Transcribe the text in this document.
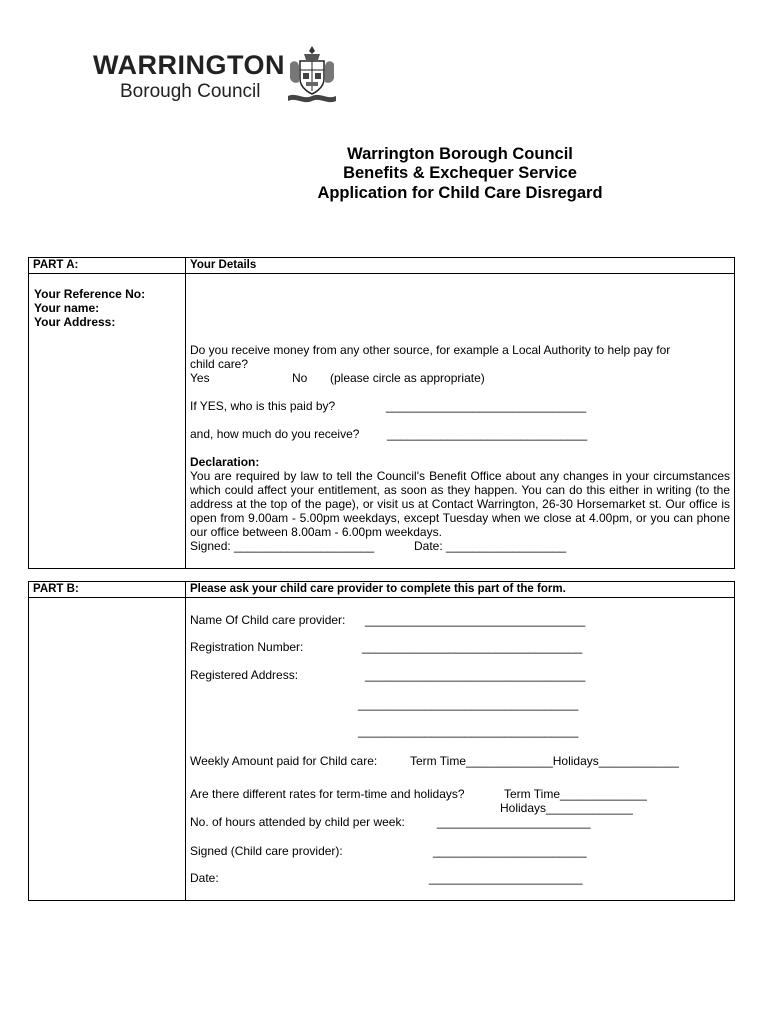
WARRINGTON
Borough Council
Warrington Borough Council
Benefits & Exchequer Service
Application for Child Care Disregard
PART A:	Your Details
Your Reference No:
Your name:
Your Address:
Do you receive money from any other source, for example a Local Authority to help pay for
child care?
Yes	No (please circle as appropriate)
If YES, who is this paid by?	______________________________
and, how much do you receive? ______________________________
Declaration:
You are required by law to tell the Council's Benefit Office about any changes in your circumstances which could affect your entitlement, as soon as they happen. You can do this either in writing (to the address at the top of the page), or visit us at Contact Warrington, 26-30 Horsemarket st. Our office is open from 9.00am - 5.00pm weekdays, except Tuesday when we close at 4.00pm, or you can phone our office between 8.00am - 6.00pm weekdays.
Signed: _____________________	Date: __________________
PART B:	Please ask your child care provider to complete this part of the form.
Name Of Child care provider: _________________________________
Registration Number:	_________________________________
Registered Address:	_________________________________
_________________________________
_________________________________
Weekly Amount paid for Child care:	Term Time_____________Holidays____________
Are there different rates for term-time and holidays?	Term Time_____________
Holidays_____________
No. of hours attended by child per week:	_______________________
Signed (Child care provider):	_______________________
Date:	_______________________
